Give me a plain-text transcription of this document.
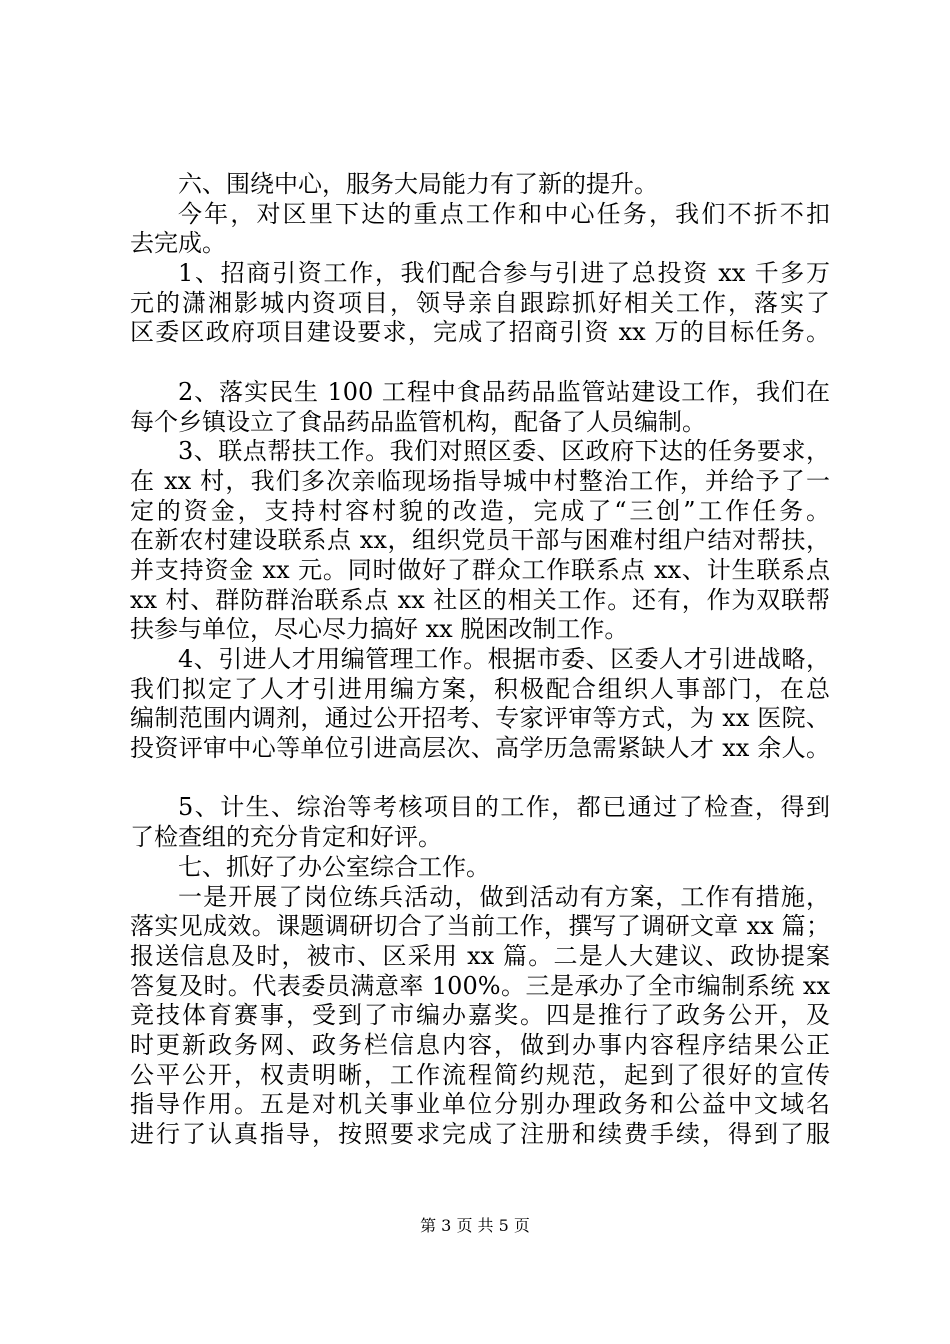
六、围绕中心，服务大局能力有了新的提升。
今年，对区里下达的重点工作和中心任务，我们不折不扣
去完成。
1、招商引资工作，我们配合参与引进了总投资 xx 千多万
元的潇湘影城内资项目，领导亲自跟踪抓好相关工作，落实了
区委区政府项目建设要求，完成了招商引资 xx 万的目标任务。
2、落实民生 100 工程中食品药品监管站建设工作，我们在
每个乡镇设立了食品药品监管机构，配备了人员编制。
3、联点帮扶工作。我们对照区委、区政府下达的任务要求，
在 xx 村，我们多次亲临现场指导城中村整治工作，并给予了一
定的资金，支持村容村貌的改造，完成了“三创”工作任务。
在新农村建设联系点 xx，组织党员干部与困难村组户结对帮扶，
并支持资金 xx 元。同时做好了群众工作联系点 xx、计生联系点
xx 村、群防群治联系点 xx 社区的相关工作。还有，作为双联帮
扶参与单位，尽心尽力搞好 xx 脱困改制工作。
4、引进人才用编管理工作。根据市委、区委人才引进战略，
我们拟定了人才引进用编方案，积极配合组织人事部门，在总
编制范围内调剂，通过公开招考、专家评审等方式，为 xx 医院、
投资评审中心等单位引进高层次、高学历急需紧缺人才 xx 余人。
5、计生、综治等考核项目的工作，都已通过了检查，得到
了检查组的充分肯定和好评。
七、抓好了办公室综合工作。
一是开展了岗位练兵活动，做到活动有方案，工作有措施，
落实见成效。课题调研切合了当前工作，撰写了调研文章 xx 篇；
报送信息及时，被市、区采用 xx 篇。二是人大建议、政协提案
答复及时。代表委员满意率 100%。三是承办了全市编制系统 xx
竞技体育赛事，受到了市编办嘉奖。四是推行了政务公开，及
时更新政务网、政务栏信息内容，做到办事内容程序结果公正
公平公开，权责明晰，工作流程简约规范，起到了很好的宣传
指导作用。五是对机关事业单位分别办理政务和公益中文域名
进行了认真指导，按照要求完成了注册和续费手续，得到了服
第 3 页 共 5 页
